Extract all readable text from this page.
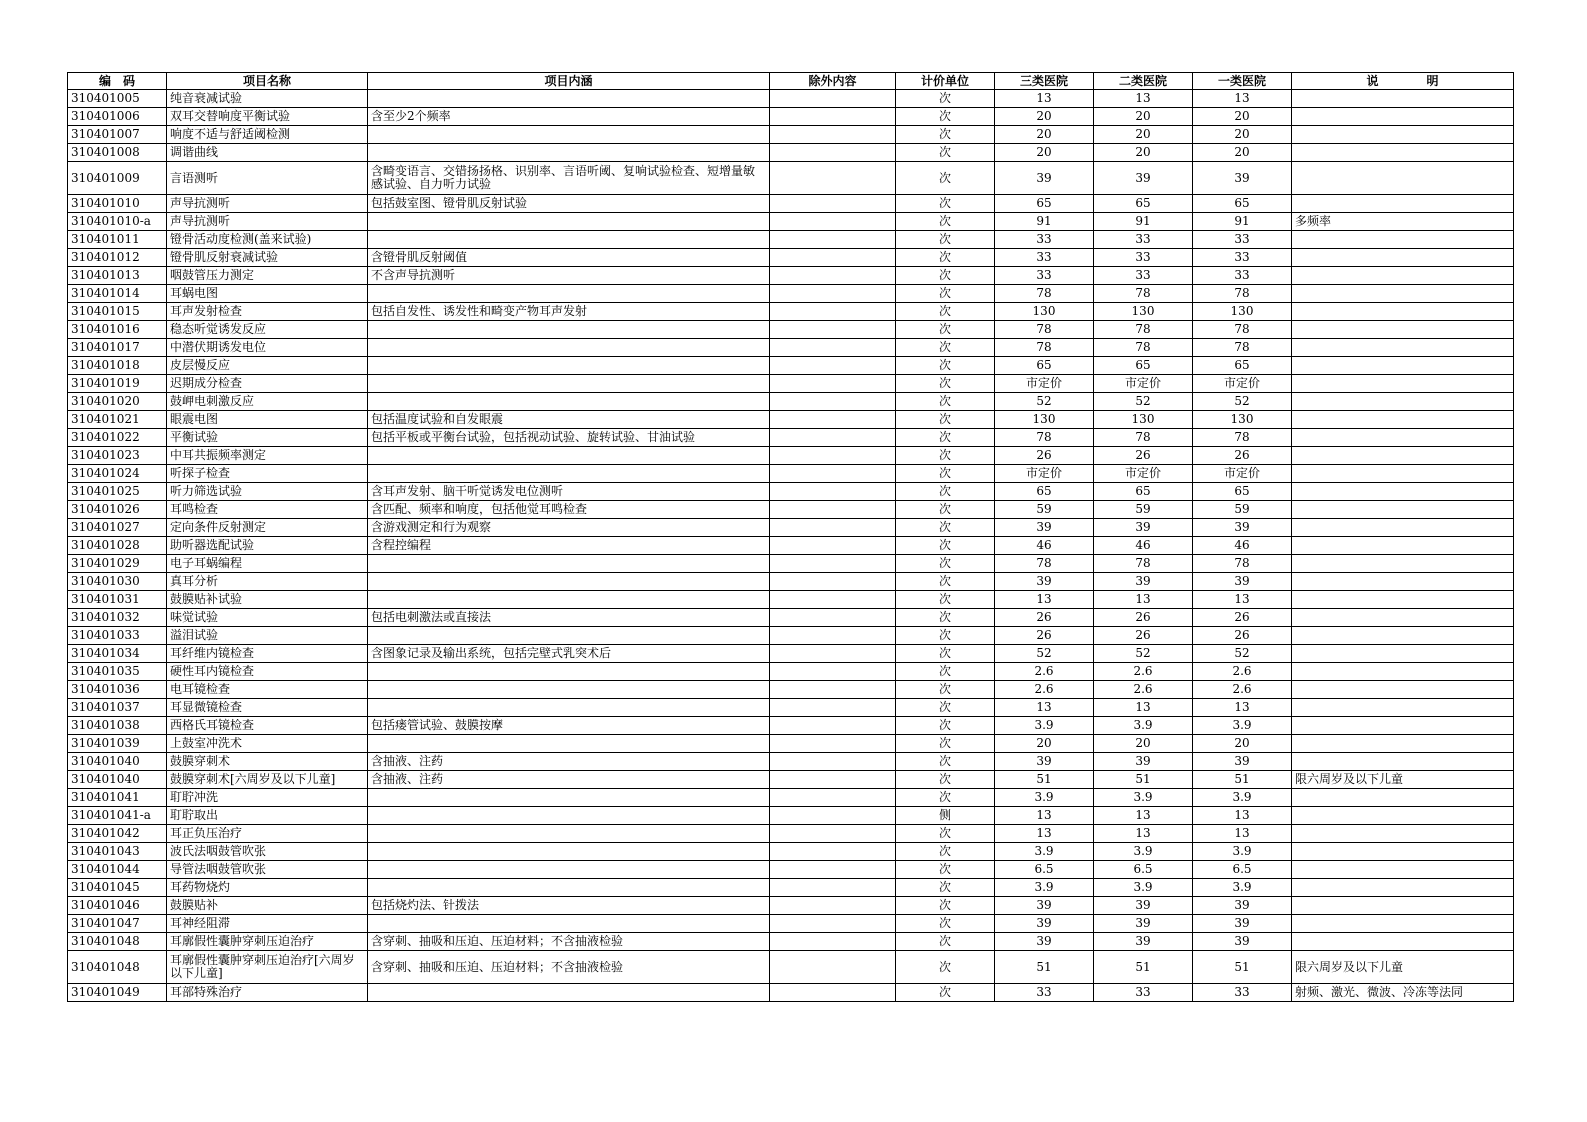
编　码	项目名称	项目内涵	除外内容	计价单位	三类医院	二类医院	一类医院	说　　　　明
310401005	纯音衰减试验			次	13	13	13	
310401006	双耳交替响度平衡试验	含至少2个频率		次	20	20	20	
310401007	响度不适与舒适阈检测			次	20	20	20	
310401008	调谐曲线			次	20	20	20	
310401009	言语测听	含畸变语言、交错扬扬格、识别率、言语听阈、复响试验检查、短增量敏感试验、自力听力试验		次	39	39	39	
310401010	声导抗测听	包括鼓室图、镫骨肌反射试验		次	65	65	65	
310401010-a	声导抗测听			次	91	91	91	多频率
310401011	镫骨活动度检测(盖来试验)			次	33	33	33	
310401012	镫骨肌反射衰减试验	含镫骨肌反射阈值		次	33	33	33	
310401013	咽鼓管压力测定	不含声导抗测听		次	33	33	33	
310401014	耳蜗电图			次	78	78	78	
310401015	耳声发射检查	包括自发性、诱发性和畸变产物耳声发射		次	130	130	130	
310401016	稳态听觉诱发反应			次	78	78	78	
310401017	中潜伏期诱发电位			次	78	78	78	
310401018	皮层慢反应			次	65	65	65	
310401019	迟期成分检查			次	市定价	市定价	市定价	
310401020	鼓岬电刺激反应			次	52	52	52	
310401021	眼震电图	包括温度试验和自发眼震		次	130	130	130	
310401022	平衡试验	包括平板或平衡台试验，包括视动试验、旋转试验、甘油试验		次	78	78	78	
310401023	中耳共振频率测定			次	26	26	26	
310401024	听探子检查			次	市定价	市定价	市定价	
310401025	听力筛选试验	含耳声发射、脑干听觉诱发电位测听		次	65	65	65	
310401026	耳鸣检查	含匹配、频率和响度，包括他觉耳鸣检查		次	59	59	59	
310401027	定向条件反射测定	含游戏测定和行为观察		次	39	39	39	
310401028	助听器选配试验	含程控编程		次	46	46	46	
310401029	电子耳蜗编程			次	78	78	78	
310401030	真耳分析			次	39	39	39	
310401031	鼓膜贴补试验			次	13	13	13	
310401032	味觉试验	包括电刺激法或直接法		次	26	26	26	
310401033	溢泪试验			次	26	26	26	
310401034	耳纤维内镜检查	含图象记录及输出系统，包括完壁式乳突术后		次	52	52	52	
310401035	硬性耳内镜检查			次	2.6	2.6	2.6	
310401036	电耳镜检查			次	2.6	2.6	2.6	
310401037	耳显微镜检查			次	13	13	13	
310401038	西格氏耳镜检查	包括瘘管试验、鼓膜按摩		次	3.9	3.9	3.9	
310401039	上鼓室冲洗术			次	20	20	20	
310401040	鼓膜穿刺术	含抽液、注药		次	39	39	39	
310401040	鼓膜穿刺术[六周岁及以下儿童]	含抽液、注药		次	51	51	51	限六周岁及以下儿童
310401041	耵聍冲洗			次	3.9	3.9	3.9	
310401041-a	耵聍取出			侧	13	13	13	
310401042	耳正负压治疗			次	13	13	13	
310401043	波氏法咽鼓管吹张			次	3.9	3.9	3.9	
310401044	导管法咽鼓管吹张			次	6.5	6.5	6.5	
310401045	耳药物烧灼			次	3.9	3.9	3.9	
310401046	鼓膜贴补	包括烧灼法、针拨法		次	39	39	39	
310401047	耳神经阻滞			次	39	39	39	
310401048	耳廓假性囊肿穿刺压迫治疗	含穿刺、抽吸和压迫、压迫材料；不含抽液检验		次	39	39	39	
310401048	耳廓假性囊肿穿刺压迫治疗[六周岁以下儿童]	含穿刺、抽吸和压迫、压迫材料；不含抽液检验		次	51	51	51	限六周岁及以下儿童
310401049	耳部特殊治疗			次	33	33	33	射频、激光、微波、冷冻等法同
